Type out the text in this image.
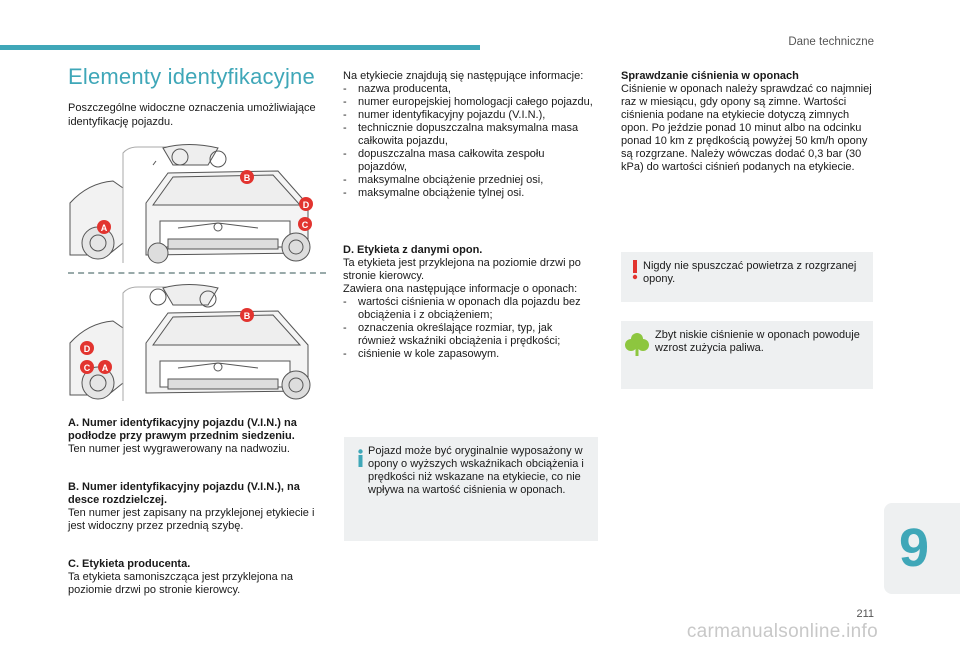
Dane techniczne
Elementy identyfikacyjne
Poszczególne widoczne oznaczenia umożliwiające identyfikację pojazdu.
B
D
C
A
B
D
C A
A. Numer identyfikacyjny pojazdu (V.I.N.) na podłodze przy prawym przednim siedzeniu.
Ten numer jest wygrawerowany na nadwoziu.
B. Numer identyfikacyjny pojazdu (V.I.N.), na desce rozdzielczej.
Ten numer jest zapisany na przyklejonej etykiecie i jest widoczny przez przednią szybę.
C. Etykieta producenta.
Ta etykieta samoniszcząca jest przyklejona na poziomie drzwi po stronie kierowcy.

Na etykiecie znajdują się następujące informacje:

- nazwa producenta,
- numer europejskiej homologacji całego pojazdu,
- numer identyfikacyjny pojazdu (V.I.N.),
- technicznie dopuszczalna maksymalna masa całkowita pojazdu,
- dopuszczalna masa całkowita zespołu pojazdów,
- maksymalne obciążenie przedniej osi,
- maksymalne obciążenie tylnej osi.

D. Etykieta z danymi opon.

Ta etykieta jest przyklejona na poziomie drzwi po stronie kierowcy.

Zawiera ona następujące informacje o oponach:

- wartości ciśnienia w oponach dla pojazdu bez obciążenia i z obciążeniem;
- oznaczenia określające rozmiar, typ, jak również wskaźniki obciążenia i prędkości;
- ciśnienie w kole zapasowym.
Pojazd może być oryginalnie wyposażony w opony o wyższych wskaźnikach obciążenia i prędkości niż wskazane na etykiecie, co nie wpływa na wartość ciśnienia w oponach.
Sprawdzanie ciśnienia w oponach
Ciśnienie w oponach należy sprawdzać co najmniej raz w miesiącu, gdy opony są zimne. Wartości ciśnienia podane na etykiecie dotyczą zimnych opon. Po jeździe ponad 10 minut albo na odcinku ponad 10 km z prędkością powyżej 50 km/h opony są rozgrzane. Należy wówczas dodać 0,3 bar (30 kPa) do wartości ciśnień podanych na etykiecie.
Nigdy nie spuszczać powietrza z rozgrzanej opony.
Zbyt niskie ciśnienie w oponach powoduje wzrost zużycia paliwa.
9
211
carmanualsonline.info
